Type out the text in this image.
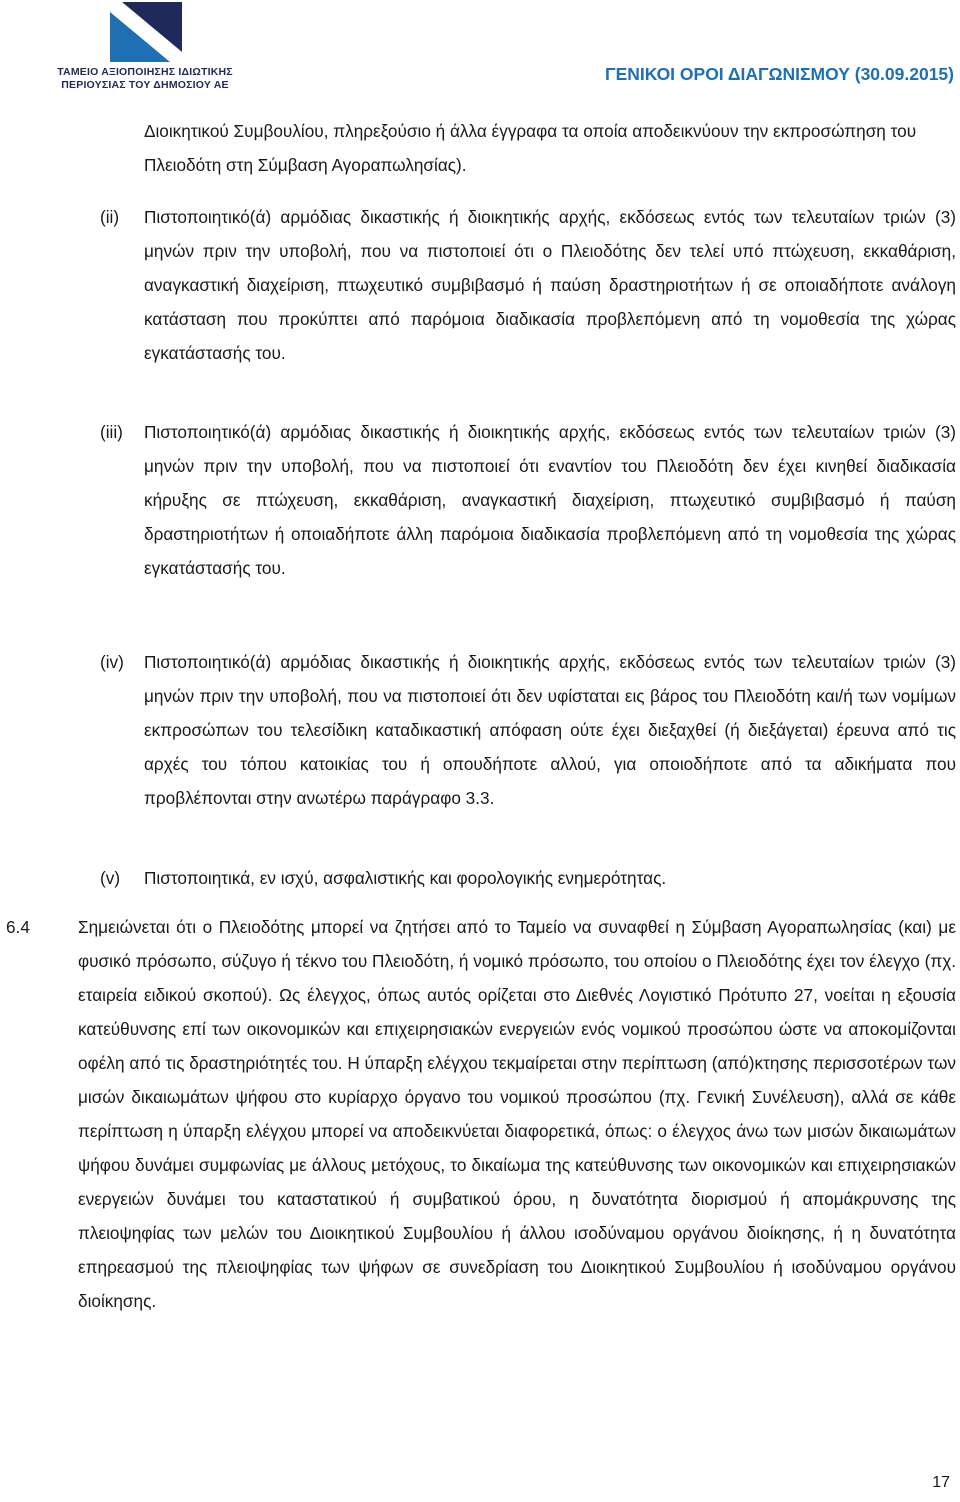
ΤΑΜΕΙΟ ΑΞΙΟΠΟΙΗΣΗΣ ΙΔΙΩΤΙΚΗΣ
ΠΕΡΙΟΥΣΙΑΣ ΤΟΥ ΔΗΜΟΣΙΟΥ ΑΕ
ΓΕΝΙΚΟΙ ΟΡΟΙ ΔΙΑΓΩΝΙΣΜΟΥ (30.09.2015)

Διοικητικού Συμβουλίου, πληρεξούσιο ή άλλα έγγραφα τα οποία αποδεικνύουν την εκπροσώπηση του Πλειοδότη στη Σύμβαση Αγοραπωλησίας).

(ii) Πιστοποιητικό(ά) αρμόδιας δικαστικής ή διοικητικής αρχής, εκδόσεως εντός των τελευταίων τριών (3) μηνών πριν την υποβολή, που να πιστοποιεί ότι ο Πλειοδότης δεν τελεί υπό πτώχευση, εκκαθάριση, αναγκαστική διαχείριση, πτωχευτικό συμβιβασμό ή παύση δραστηριοτήτων ή σε οποιαδήποτε ανάλογη κατάσταση που προκύπτει από παρόμοια διαδικασία προβλεπόμενη από τη νομοθεσία της χώρας εγκατάστασής του.

(iii) Πιστοποιητικό(ά) αρμόδιας δικαστικής ή διοικητικής αρχής, εκδόσεως εντός των τελευταίων τριών (3) μηνών πριν την υποβολή, που να πιστοποιεί ότι εναντίον του Πλειοδότη δεν έχει κινηθεί διαδικασία κήρυξης σε πτώχευση, εκκαθάριση, αναγκαστική διαχείριση, πτωχευτικό συμβιβασμό ή παύση δραστηριοτήτων ή οποιαδήποτε άλλη παρόμοια διαδικασία προβλεπόμενη από τη νομοθεσία της χώρας εγκατάστασής του.

(iv) Πιστοποιητικό(ά) αρμόδιας δικαστικής ή διοικητικής αρχής, εκδόσεως εντός των τελευταίων τριών (3) μηνών πριν την υποβολή, που να πιστοποιεί ότι δεν υφίσταται εις βάρος του Πλειοδότη και/ή των νομίμων εκπροσώπων του τελεσίδικη καταδικαστική απόφαση ούτε έχει διεξαχθεί (ή διεξάγεται) έρευνα από τις αρχές του τόπου κατοικίας του ή οπουδήποτε αλλού, για οποιοδήποτε από τα αδικήματα που προβλέπονται στην ανωτέρω παράγραφο 3.3.

(v) Πιστοποιητικά, εν ισχύ, ασφαλιστικής και φορολογικής ενημερότητας.

6.4	Σημειώνεται ότι ο Πλειοδότης μπορεί να ζητήσει από το Ταμείο να συναφθεί η Σύμβαση Αγοραπωλησίας (και) με φυσικό πρόσωπο, σύζυγο ή τέκνο του Πλειοδότη, ή νομικό πρόσωπο, του οποίου ο Πλειοδότης έχει τον έλεγχο (πχ. εταιρεία ειδικού σκοπού). Ως έλεγχος, όπως αυτός ορίζεται στο Διεθνές Λογιστικό Πρότυπο 27, νοείται η εξουσία κατεύθυνσης επί των οικονομικών και επιχειρησιακών ενεργειών ενός νομικού προσώπου ώστε να αποκομίζονται οφέλη από τις δραστηριότητές του. Η ύπαρξη ελέγχου τεκμαίρεται στην περίπτωση (από)κτησης περισσοτέρων των μισών δικαιωμάτων ψήφου στο κυρίαρχο όργανο του νομικού προσώπου (πχ. Γενική Συνέλευση), αλλά σε κάθε περίπτωση η ύπαρξη ελέγχου μπορεί να αποδεικνύεται διαφορετικά, όπως: ο έλεγχος άνω των μισών δικαιωμάτων ψήφου δυνάμει συμφωνίας με άλλους μετόχους, το δικαίωμα της κατεύθυνσης των οικονομικών και επιχειρησιακών ενεργειών δυνάμει του καταστατικού ή συμβατικού όρου, η δυνατότητα διορισμού ή απομάκρυνσης της πλειοψηφίας των μελών του Διοικητικού Συμβουλίου ή άλλου ισοδύναμου οργάνου διοίκησης, ή η δυνατότητα επηρεασμού της πλειοψηφίας των ψήφων σε συνεδρίαση του Διοικητικού Συμβουλίου ή ισοδύναμου οργάνου διοίκησης.

17
